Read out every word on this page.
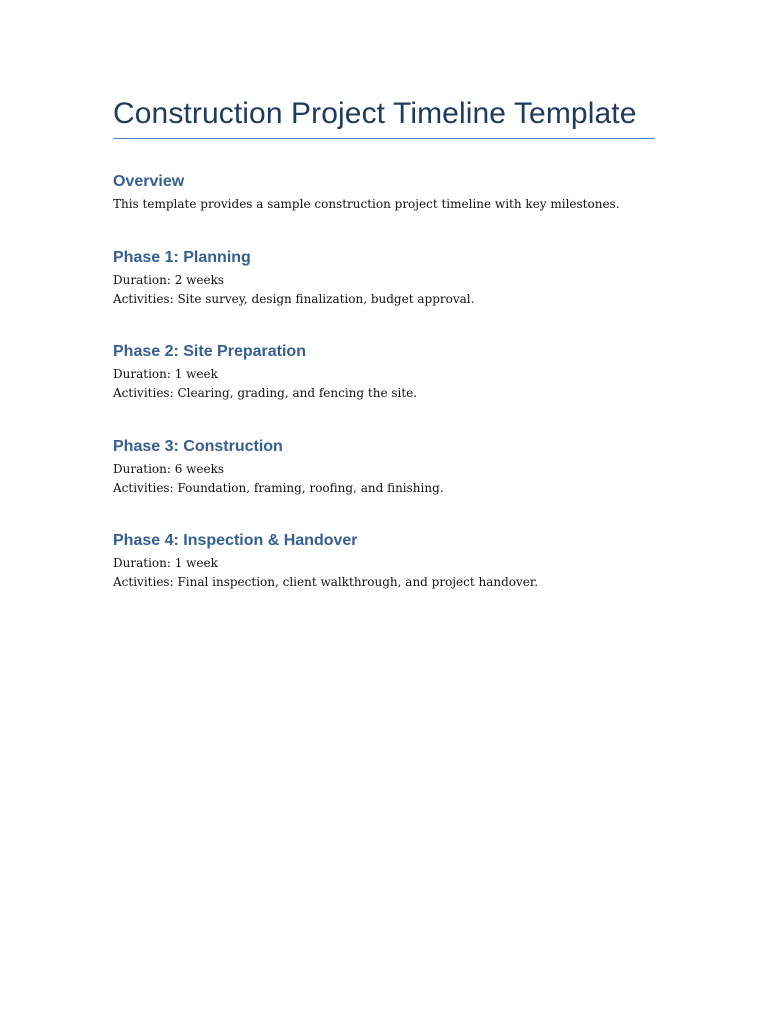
Construction Project Timeline Template
Overview

This template provides a sample construction project timeline with key milestones.

Phase 1: Planning

Duration: 2 weeks

Activities: Site survey, design finalization, budget approval.

Phase 2: Site Preparation

Duration: 1 week

Activities: Clearing, grading, and fencing the site.

Phase 3: Construction

Duration: 6 weeks

Activities: Foundation, framing, roofing, and finishing.

Phase 4: Inspection & Handover

Duration: 1 week

Activities: Final inspection, client walkthrough, and project handover.
